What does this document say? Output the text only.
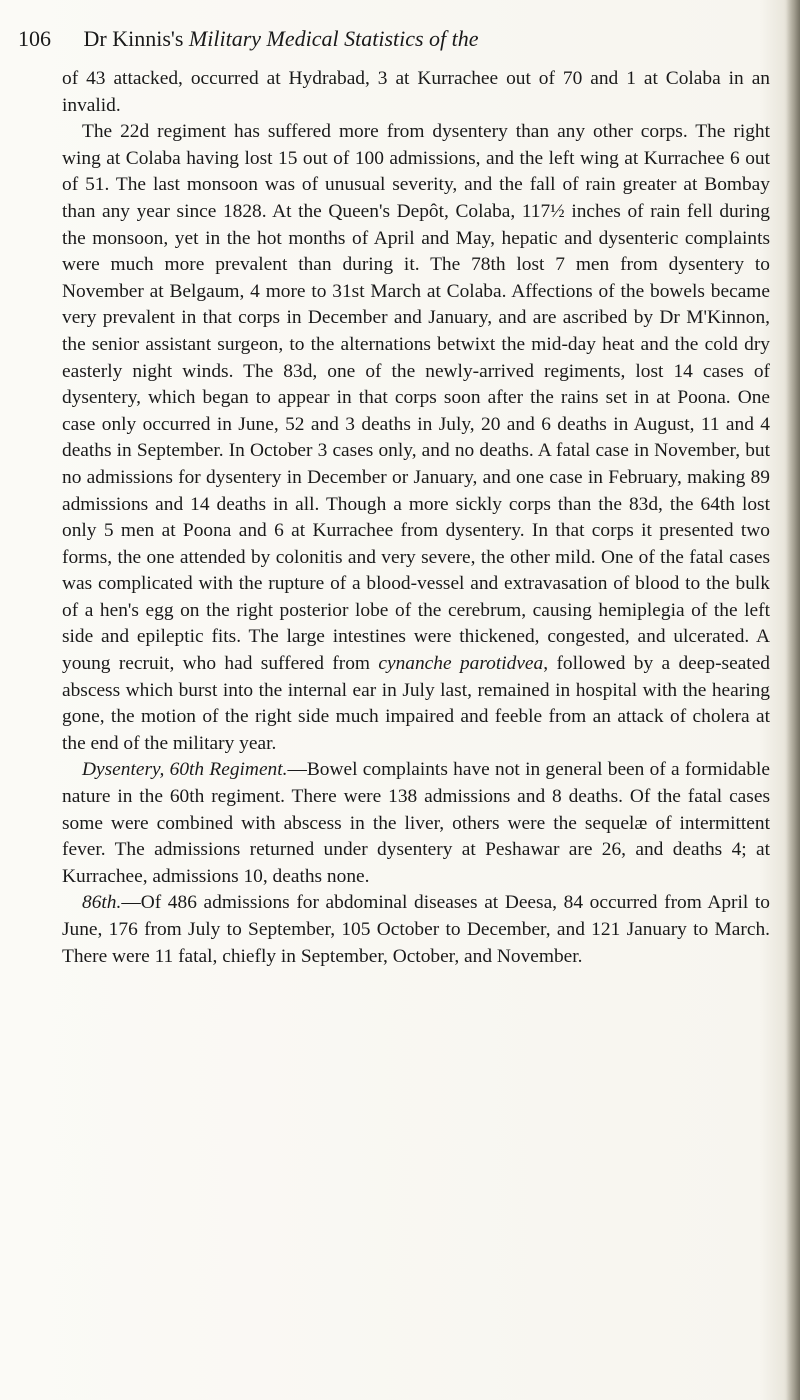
106 Dr Kinnis's Military Medical Statistics of the

of 43 attacked, occurred at Hydrabad, 3 at Kurrachee out of 70 and 1 at Colaba in an invalid.

The 22d regiment has suffered more from dysentery than any other corps. The right wing at Colaba having lost 15 out of 100 admissions, and the left wing at Kurrachee 6 out of 51. The last monsoon was of unusual severity, and the fall of rain greater at Bombay than any year since 1828. At the Queen's Depôt, Colaba, 117½ inches of rain fell during the monsoon, yet in the hot months of April and May, hepatic and dysenteric complaints were much more prevalent than during it. The 78th lost 7 men from dysentery to November at Belgaum, 4 more to 31st March at Colaba. Affections of the bowels became very prevalent in that corps in December and January, and are ascribed by Dr M'Kinnon, the senior assistant surgeon, to the alternations betwixt the mid-day heat and the cold dry easterly night winds. The 83d, one of the newly-arrived regiments, lost 14 cases of dysentery, which began to appear in that corps soon after the rains set in at Poona. One case only occurred in June, 52 and 3 deaths in July, 20 and 6 deaths in August, 11 and 4 deaths in September. In October 3 cases only, and no deaths. A fatal case in November, but no admissions for dysentery in December or January, and one case in February, making 89 admissions and 14 deaths in all. Though a more sickly corps than the 83d, the 64th lost only 5 men at Poona and 6 at Kurrachee from dysentery. In that corps it presented two forms, the one attended by colonitis and very severe, the other mild. One of the fatal cases was complicated with the rupture of a blood-vessel and extravasation of blood to the bulk of a hen's egg on the right posterior lobe of the cerebrum, causing hemiplegia of the left side and epileptic fits. The large intestines were thickened, congested, and ulcerated. A young recruit, who had suffered from cynanche parotidvea, followed by a deep-seated abscess which burst into the internal ear in July last, remained in hospital with the hearing gone, the motion of the right side much impaired and feeble from an attack of cholera at the end of the military year.

Dysentery, 60th Regiment.—Bowel complaints have not in general been of a formidable nature in the 60th regiment. There were 138 admissions and 8 deaths. Of the fatal cases some were combined with abscess in the liver, others were the sequelæ of intermittent fever. The admissions returned under dysentery at Peshawar are 26, and deaths 4; at Kurrachee, admissions 10, deaths none.

86th.—Of 486 admissions for abdominal diseases at Deesa, 84 occurred from April to June, 176 from July to September, 105 October to December, and 121 January to March. There were 11 fatal, chiefly in September, October, and November.
